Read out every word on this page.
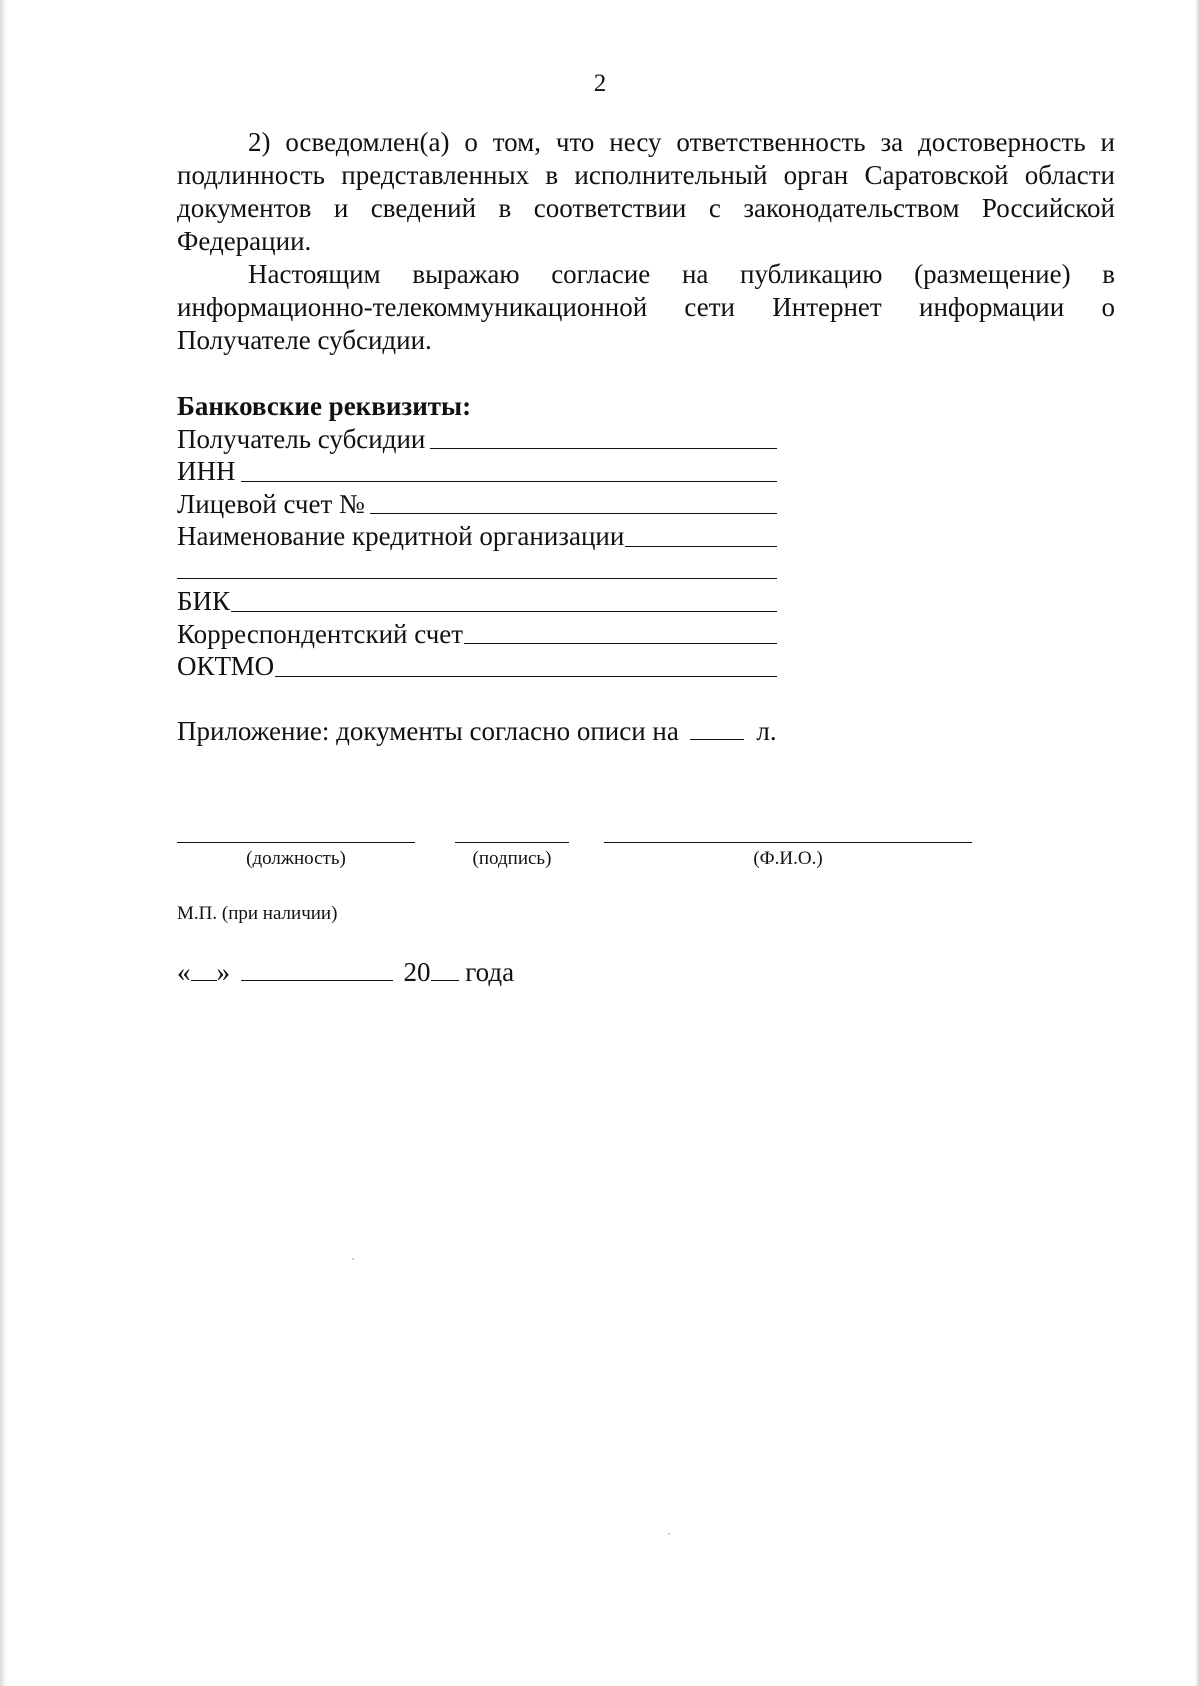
2

2) осведомлен(а) о том, что несу ответственность за достоверность и подлинность представленных в исполнительный орган Саратовской области документов и сведений в соответствии с законодательством Российской Федерации.

Настоящим выражаю согласие на публикацию (размещение) в информационно-телекоммуникационной сети Интернет информации о Получателе субсидии.

Банковские реквизиты:
Получатель субсидии
ИНН
Лицевой счет №
Наименование кредитной организации
БИК
Корреспондентский счет
ОКТМО
Приложение: документы согласно описи на	л.
(должность)	(подпись)	(Ф.И.О.)
М.П. (при наличии)
« »	20 года
